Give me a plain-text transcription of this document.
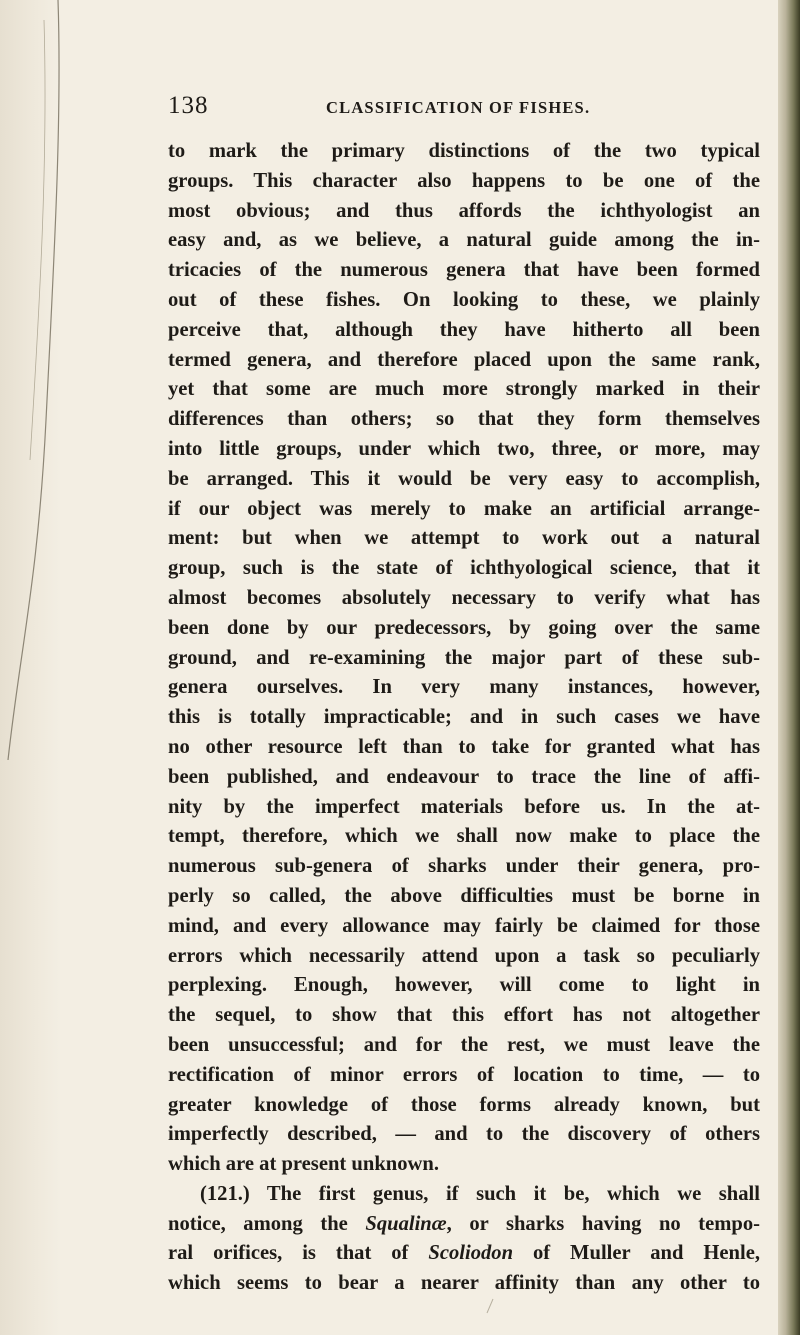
138	CLASSIFICATION OF FISHES.
to mark the primary distinctions of the two typical
groups. This character also happens to be one of the
most obvious; and thus affords the ichthyologist an
easy and, as we believe, a natural guide among the in-
tricacies of the numerous genera that have been formed
out of these fishes. On looking to these, we plainly
perceive that, although they have hitherto all been
termed genera, and therefore placed upon the same rank,
yet that some are much more strongly marked in their
differences than others; so that they form themselves
into little groups, under which two, three, or more, may
be arranged. This it would be very easy to accomplish,
if our object was merely to make an artificial arrange-
ment: but when we attempt to work out a natural
group, such is the state of ichthyological science, that it
almost becomes absolutely necessary to verify what has
been done by our predecessors, by going over the same
ground, and re-examining the major part of these sub-
genera ourselves. In very many instances, however,
this is totally impracticable; and in such cases we have
no other resource left than to take for granted what has
been published, and endeavour to trace the line of affi-
nity by the imperfect materials before us. In the at-
tempt, therefore, which we shall now make to place the
numerous sub-genera of sharks under their genera, pro-
perly so called, the above difficulties must be borne in
mind, and every allowance may fairly be claimed for those
errors which necessarily attend upon a task so peculiarly
perplexing. Enough, however, will come to light in
the sequel, to show that this effort has not altogether
been unsuccessful; and for the rest, we must leave the
rectification of minor errors of location to time, — to
greater knowledge of those forms already known, but
imperfectly described, — and to the discovery of others
which are at present unknown.
(121.) The first genus, if such it be, which we shall
notice, among the Squalinæ, or sharks having no tempo-
ral orifices, is that of Scoliodon of Muller and Henle,
which seems to bear a nearer affinity than any other to
